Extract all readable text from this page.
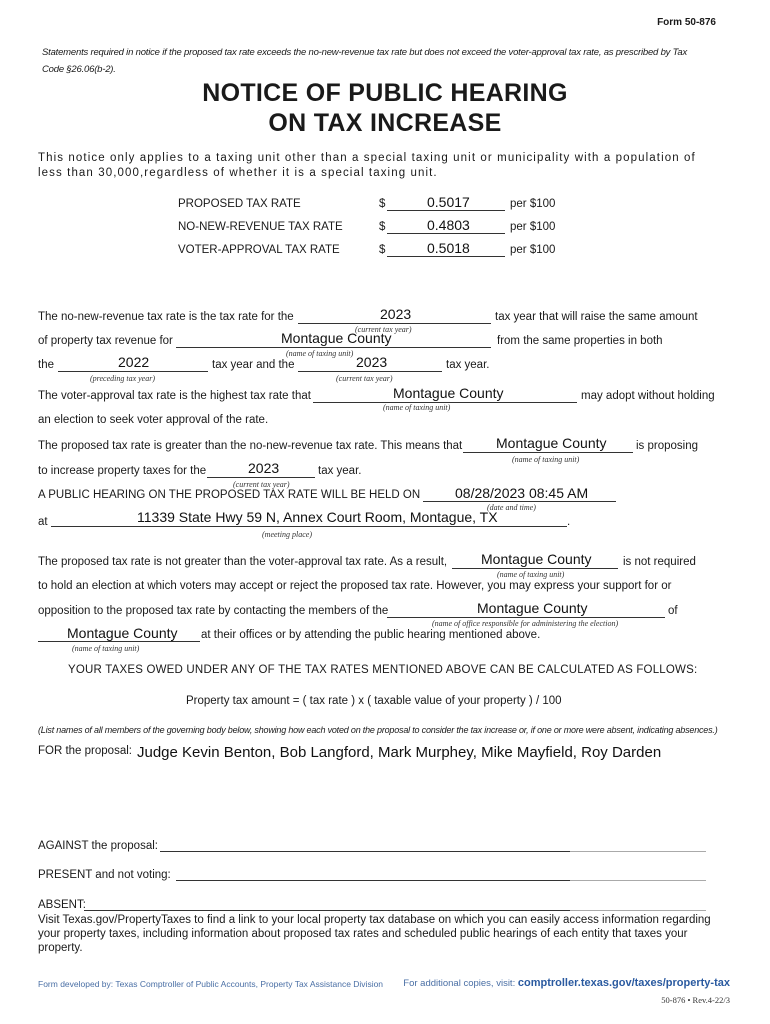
Form 50-876
Statements required in notice if the proposed tax rate exceeds the no-new-revenue tax rate but does not exceed the voter-approval tax rate, as prescribed by Tax Code §26.06(b-2).
NOTICE OF PUBLIC HEARING
ON TAX INCREASE
This notice only applies to a taxing unit other than a special taxing unit or municipality with a population of less than 30,000,regardless of whether it is a special taxing unit.
PROPOSED TAX RATE	$	0.5017	per $100
NO-NEW-REVENUE TAX RATE	$	0.4803	per $100
VOTER-APPROVAL TAX RATE	$	0.5018	per $100
The no-new-revenue tax rate is the tax rate for the	2023	tax year that will raise the same amount
(current tax year)
of property tax revenue for	Montague County	from the same properties in both
(name of taxing unit)
the	2022	tax year and the	2023	tax year.
(preceding tax year)	(current tax year)
The voter-approval tax rate is the highest tax rate that	Montague County	may adopt without holding
(name of taxing unit)
an election to seek voter approval of the rate.
The proposed tax rate is greater than the no-new-revenue tax rate. This means that Montague County	is proposing
(name of taxing unit)
to increase property taxes for the	2023	tax year.
(current tax year)
A PUBLIC HEARING ON THE PROPOSED TAX RATE WILL BE HELD ON 08/28/2023 08:45 AM
(date and time)
at	11339 State Hwy 59 N, Annex Court Room, Montague, TX	.
(meeting place)
The proposed tax rate is not greater than the voter-approval tax rate. As a result, Montague County	is not required
(name of taxing unit)
to hold an election at which voters may accept or reject the proposed tax rate. However, you may express your support for or
opposition to the proposed tax rate by contacting the members of the	Montague County	of
(name of office responsible for administering the election)
Montague County at their offices or by attending the public hearing mentioned above.
(name of taxing unit)
YOUR TAXES OWED UNDER ANY OF THE TAX RATES MENTIONED ABOVE CAN BE CALCULATED AS FOLLOWS:
Property tax amount = ( tax rate ) x ( taxable value of your property ) / 100
(List names of all members of the governing body below, showing how each voted on the proposal to consider the tax increase or, if one or more were absent, indicating absences.)
FOR the proposal: Judge Kevin Benton, Bob Langford, Mark Murphey, Mike Mayfield, Roy Darden
AGAINST the proposal:
PRESENT and not voting:
ABSENT:
Visit Texas.gov/PropertyTaxes to find a link to your local property tax database on which you can easily access information regarding your property taxes, including information about proposed tax rates and scheduled public hearings of each entity that taxes your property.
Form developed by: Texas Comptroller of Public Accounts, Property Tax Assistance Division For additional copies, visit: comptroller.texas.gov/taxes/property-tax
50-876 • Rev.4-22/3
